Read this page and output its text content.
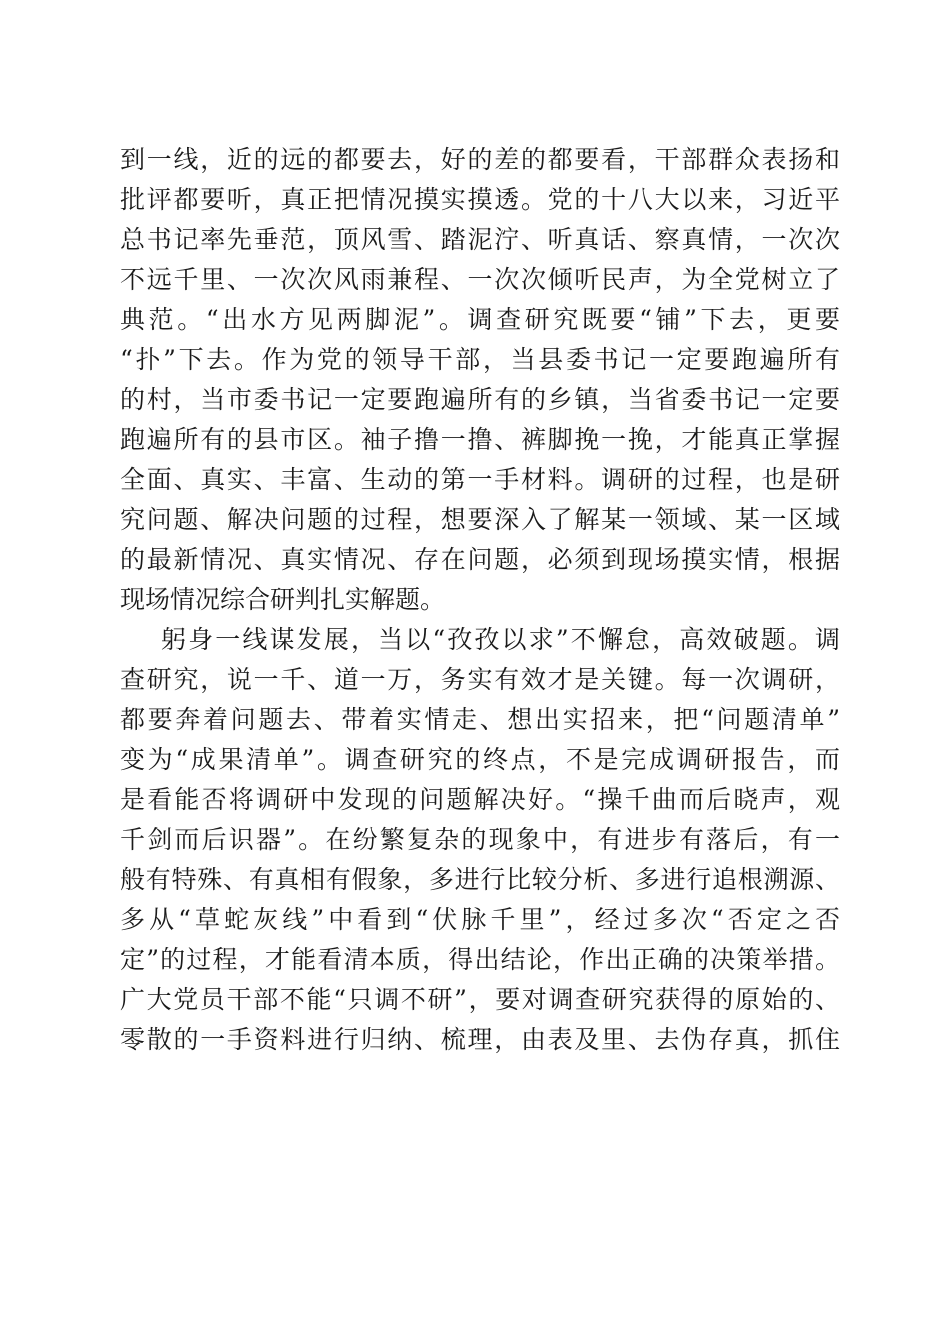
到一线，近的远的都要去，好的差的都要看，干部群众表扬和
批评都要听，真正把情况摸实摸透。党的十八大以来，习近平
总书记率先垂范，顶风雪、踏泥泞、听真话、察真情，一次次
不远千里、一次次风雨兼程、一次次倾听民声，为全党树立了
典范。“出水方见两脚泥”。调查研究既要“铺”下去，更要
“扑”下去。作为党的领导干部，当县委书记一定要跑遍所有
的村，当市委书记一定要跑遍所有的乡镇，当省委书记一定要
跑遍所有的县市区。袖子撸一撸、裤脚挽一挽，才能真正掌握
全面、真实、丰富、生动的第一手材料。调研的过程，也是研
究问题、解决问题的过程，想要深入了解某一领域、某一区域
的最新情况、真实情况、存在问题，必须到现场摸实情，根据
现场情况综合研判扎实解题。
躬身一线谋发展，当以“孜孜以求”不懈怠，高效破题。调
查研究，说一千、道一万，务实有效才是关键。每一次调研，
都要奔着问题去、带着实情走、想出实招来，把“问题清单”
变为“成果清单”。调查研究的终点，不是完成调研报告，而
是看能否将调研中发现的问题解决好。“操千曲而后晓声，观
千剑而后识器”。在纷繁复杂的现象中，有进步有落后，有一
般有特殊、有真相有假象，多进行比较分析、多进行追根溯源、
多从“草蛇灰线”中看到“伏脉千里”，经过多次“否定之否
定”的过程，才能看清本质，得出结论，作出正确的决策举措。
广大党员干部不能“只调不研”，要对调查研究获得的原始的、
零散的一手资料进行归纳、梳理，由表及里、去伪存真，抓住
